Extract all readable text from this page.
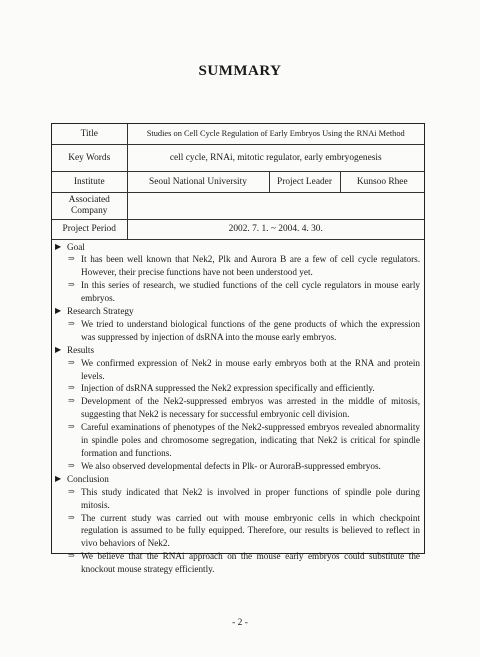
SUMMARY
Title	Studies on Cell Cycle Regulation of Early Embryos Using the RNAi Method		
Key Words	cell cycle, RNAi, mitotic regulator, early embryogenesis		
Institute	Seoul National University	Project Leader	Kunsoo Rhee
Associated Company			
Project Period	2002. 7. 1. ~ 2004. 4. 30.		
▶ Goal
⇒ It has been well known that Nek2, Plk and Aurora B are a few of cell cycle regulators. However, their precise functions have not been understood yet.
⇒ In this series of research, we studied functions of the cell cycle regulators in mouse early embryos.
▶ Research Strategy
⇒ We tried to understand biological functions of the gene products of which the expression was suppressed by injection of dsRNA into the mouse early embryos.
▶ Results
⇒ We confirmed expression of Nek2 in mouse early embryos both at the RNA and protein levels.
⇒ Injection of dsRNA suppressed the Nek2 expression specifically and efficiently.
⇒ Development of the Nek2-suppressed embryos was arrested in the middle of mitosis, suggesting that Nek2 is necessary for successful embryonic cell division.
⇒ Careful examinations of phenotypes of the Nek2-suppressed embryos revealed abnormality in spindle poles and chromosome segregation, indicating that Nek2 is critical for spindle formation and functions.
⇒ We also observed developmental defects in Plk- or AuroraB-suppressed embryos.
▶ Conclusion
⇒ This study indicated that Nek2 is involved in proper functions of spindle pole during mitosis.
⇒ The current study was carried out with mouse embryonic cells in which checkpoint regulation is assumed to be fully equipped. Therefore, our results is believed to reflect in vivo behaviors of Nek2.
⇒ We believe that the RNAi approach on the mouse early embryos could substitute the knockout mouse strategy efficiently.
- 2 -
